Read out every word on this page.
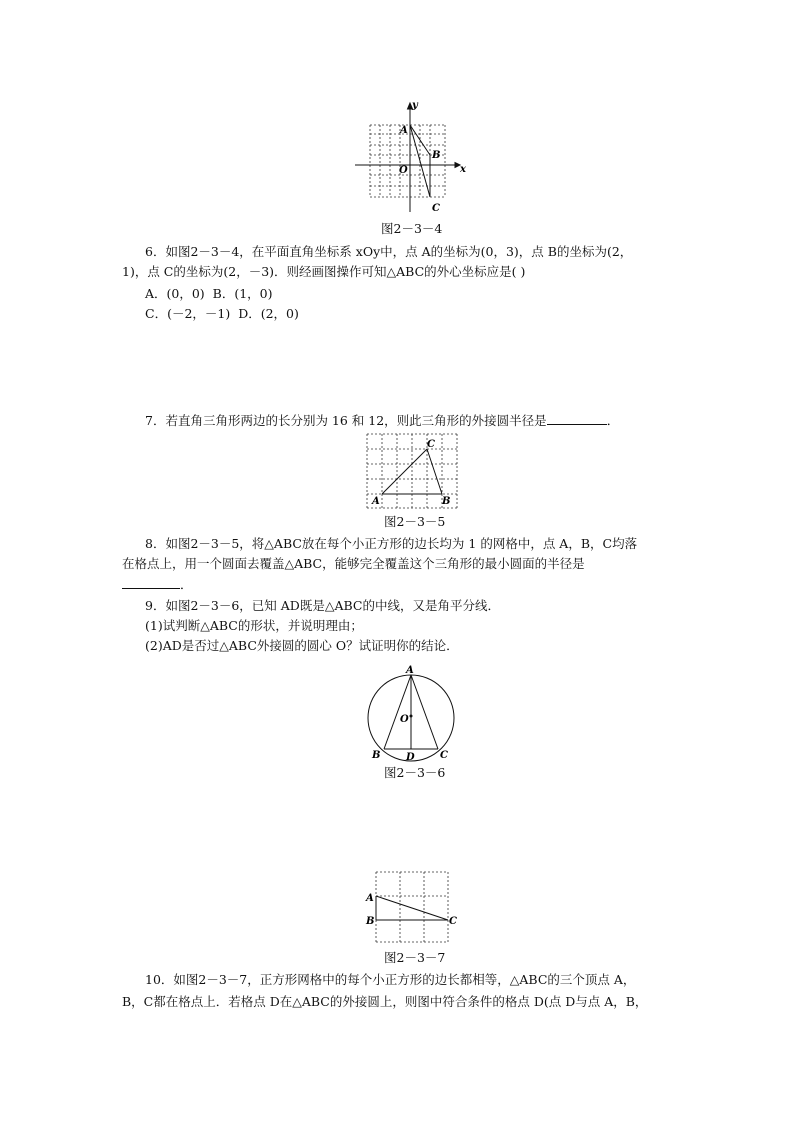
A
B
C
O	x
y
图2－3－4
6．如图2－3－4，在平面直角坐标系 xOy中，点 A的坐标为(0，3)，点 B的坐标为(2，
1)，点 C的坐标为(2，－3)．则经画图操作可知△ABC的外心坐标应是( )
A．(0，0) B．(1，0)
C．(－2，－1) D．(2，0)
7．若直角三角形两边的长分别为 16 和 12，则此三角形的外接圆半径是	．
A	B
C
图2－3－5
8．如图2－3－5，将△ABC放在每个小正方形的边长均为 1 的网格中，点 A，B，C均落
在格点上，用一个圆面去覆盖△ABC，能够完全覆盖这个三角形的最小圆面的半径是
．
9．如图2－3－6，已知 AD既是△ABC的中线，又是角平分线．
(1)试判断△ABC的形状，并说明理由；
(2)AD是否过△ABC外接圆的圆心 O？试证明你的结论．
A
O
B	C
D
图2－3－6
A
B	C
图2－3－7
10．如图2－3－7，正方形网格中的每个小正方形的边长都相等，△ABC的三个顶点 A，
B，C都在格点上．若格点 D在△ABC的外接圆上，则图中符合条件的格点 D(点 D与点 A，B，
